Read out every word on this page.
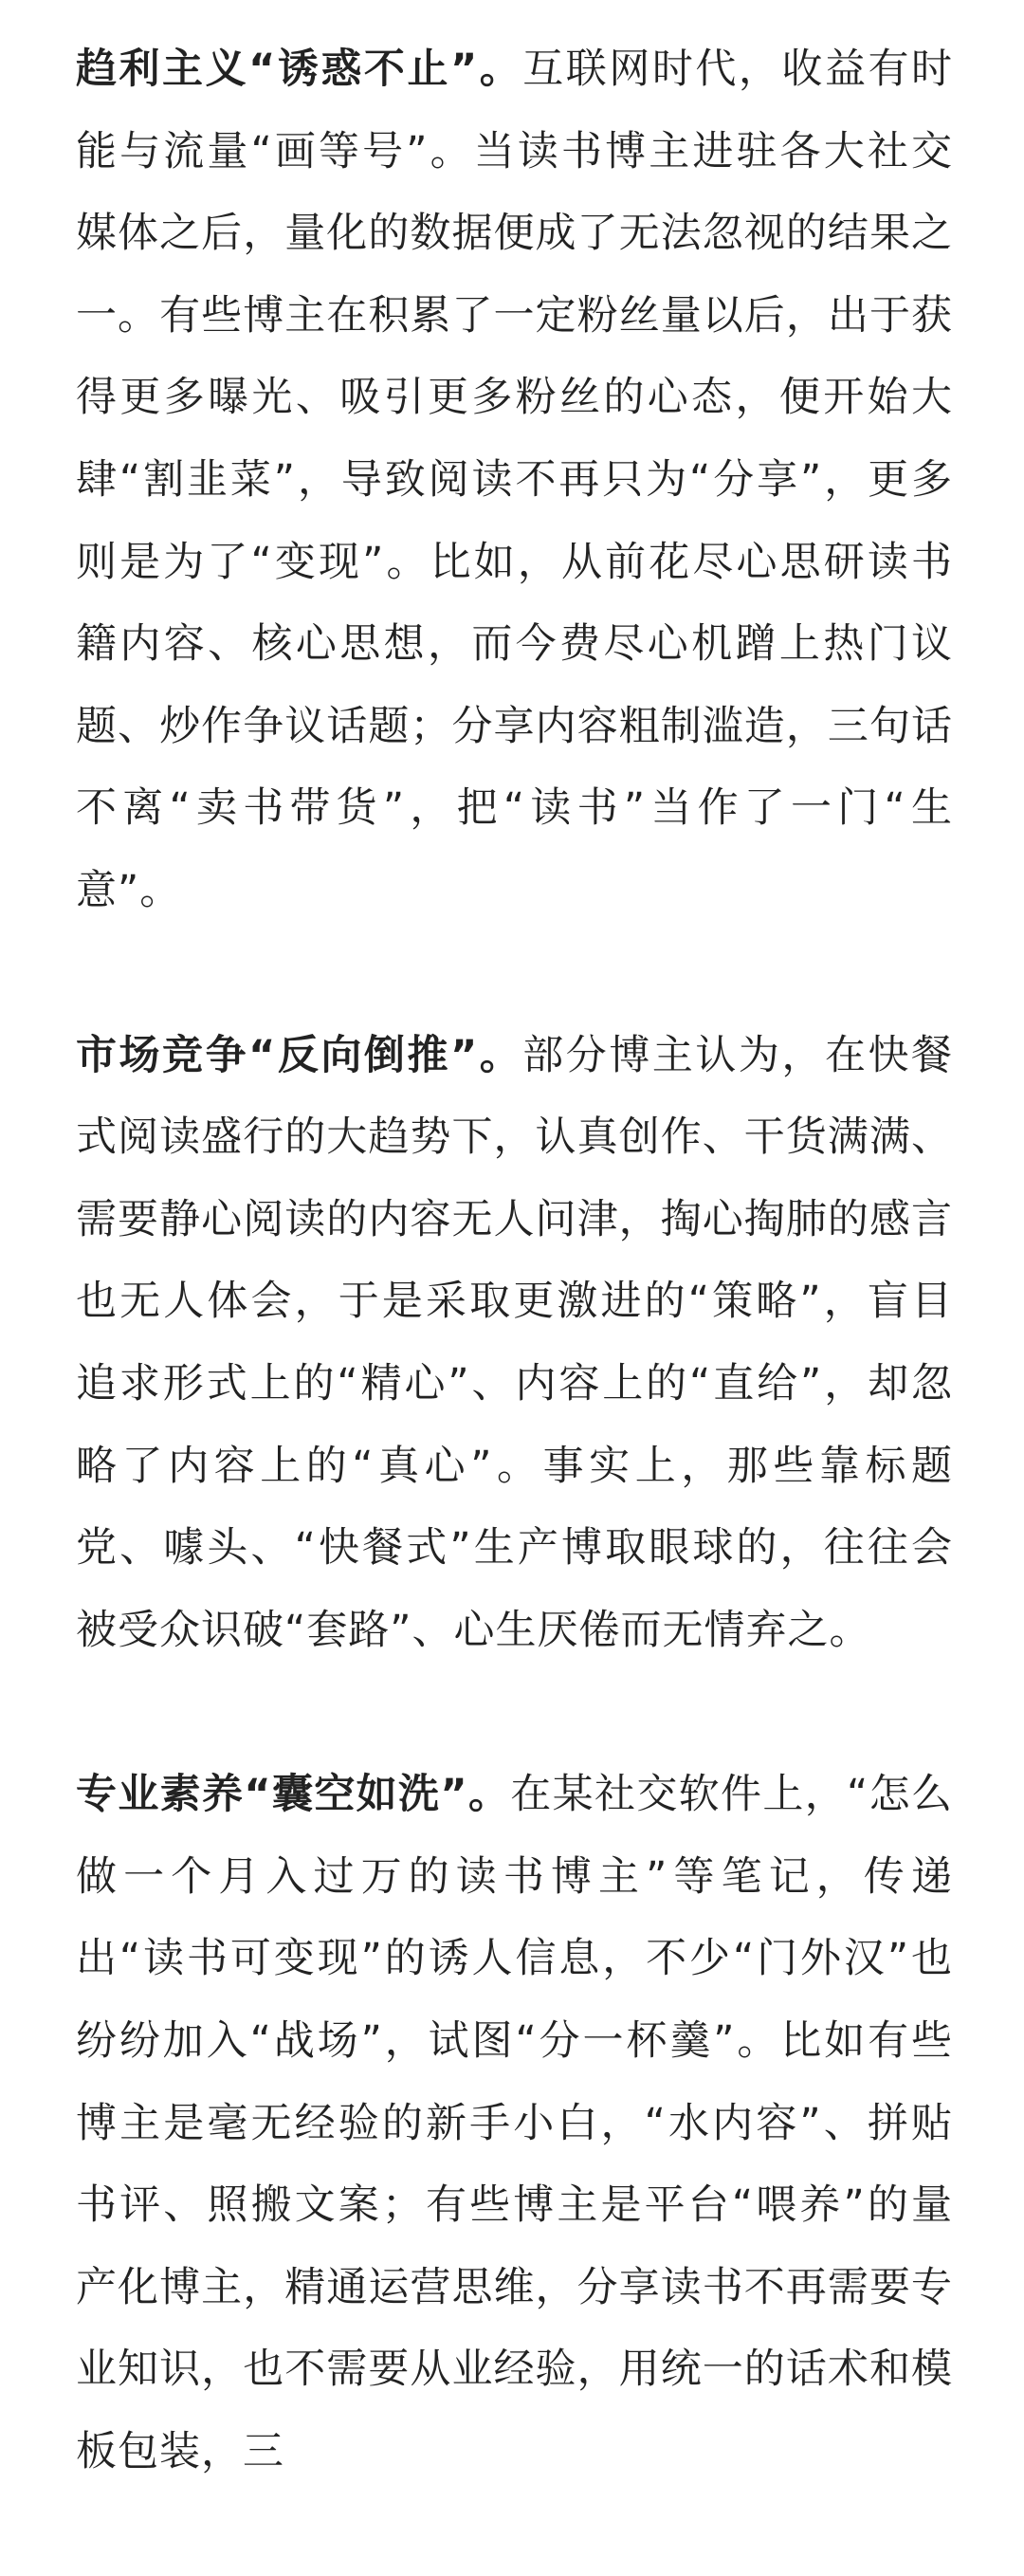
趋利主义“诱惑不止”。互联网时代，收益有时能与流量“画等号”。当读书博主进驻各大社交媒体之后，量化的数据便成了无法忽视的结果之一。有些博主在积累了一定粉丝量以后，出于获得更多曝光、吸引更多粉丝的心态，便开始大肆“割韭菜”，导致阅读不再只为“分享”，更多则是为了“变现”。比如，从前花尽心思研读书籍内容、核心思想，而今费尽心机蹭上热门议题、炒作争议话题；分享内容粗制滥造，三句话不离“卖书带货”，把“读书”当作了一门“生意”。

市场竞争“反向倒推”。部分博主认为，在快餐式阅读盛行的大趋势下，认真创作、干货满满、需要静心阅读的内容无人问津，掏心掏肺的感言也无人体会，于是采取更激进的“策略”，盲目追求形式上的“精心”、内容上的“直给”，却忽略了内容上的“真心”。事实上，那些靠标题党、噱头、“快餐式”生产博取眼球的，往往会被受众识破“套路”、心生厌倦而无情弃之。

专业素养“囊空如洗”。在某社交软件上，“怎么做一个月入过万的读书博主”等笔记，传递出“读书可变现”的诱人信息，不少“门外汉”也纷纷加入“战场”，试图“分一杯羹”。比如有些博主是毫无经验的新手小白，“水内容”、拼贴书评、照搬文案；有些博主是平台“喂养”的量产化博主，精通运营思维，分享读书不再需要专业知识，也不需要从业经验，用统一的话术和模板包装，三
